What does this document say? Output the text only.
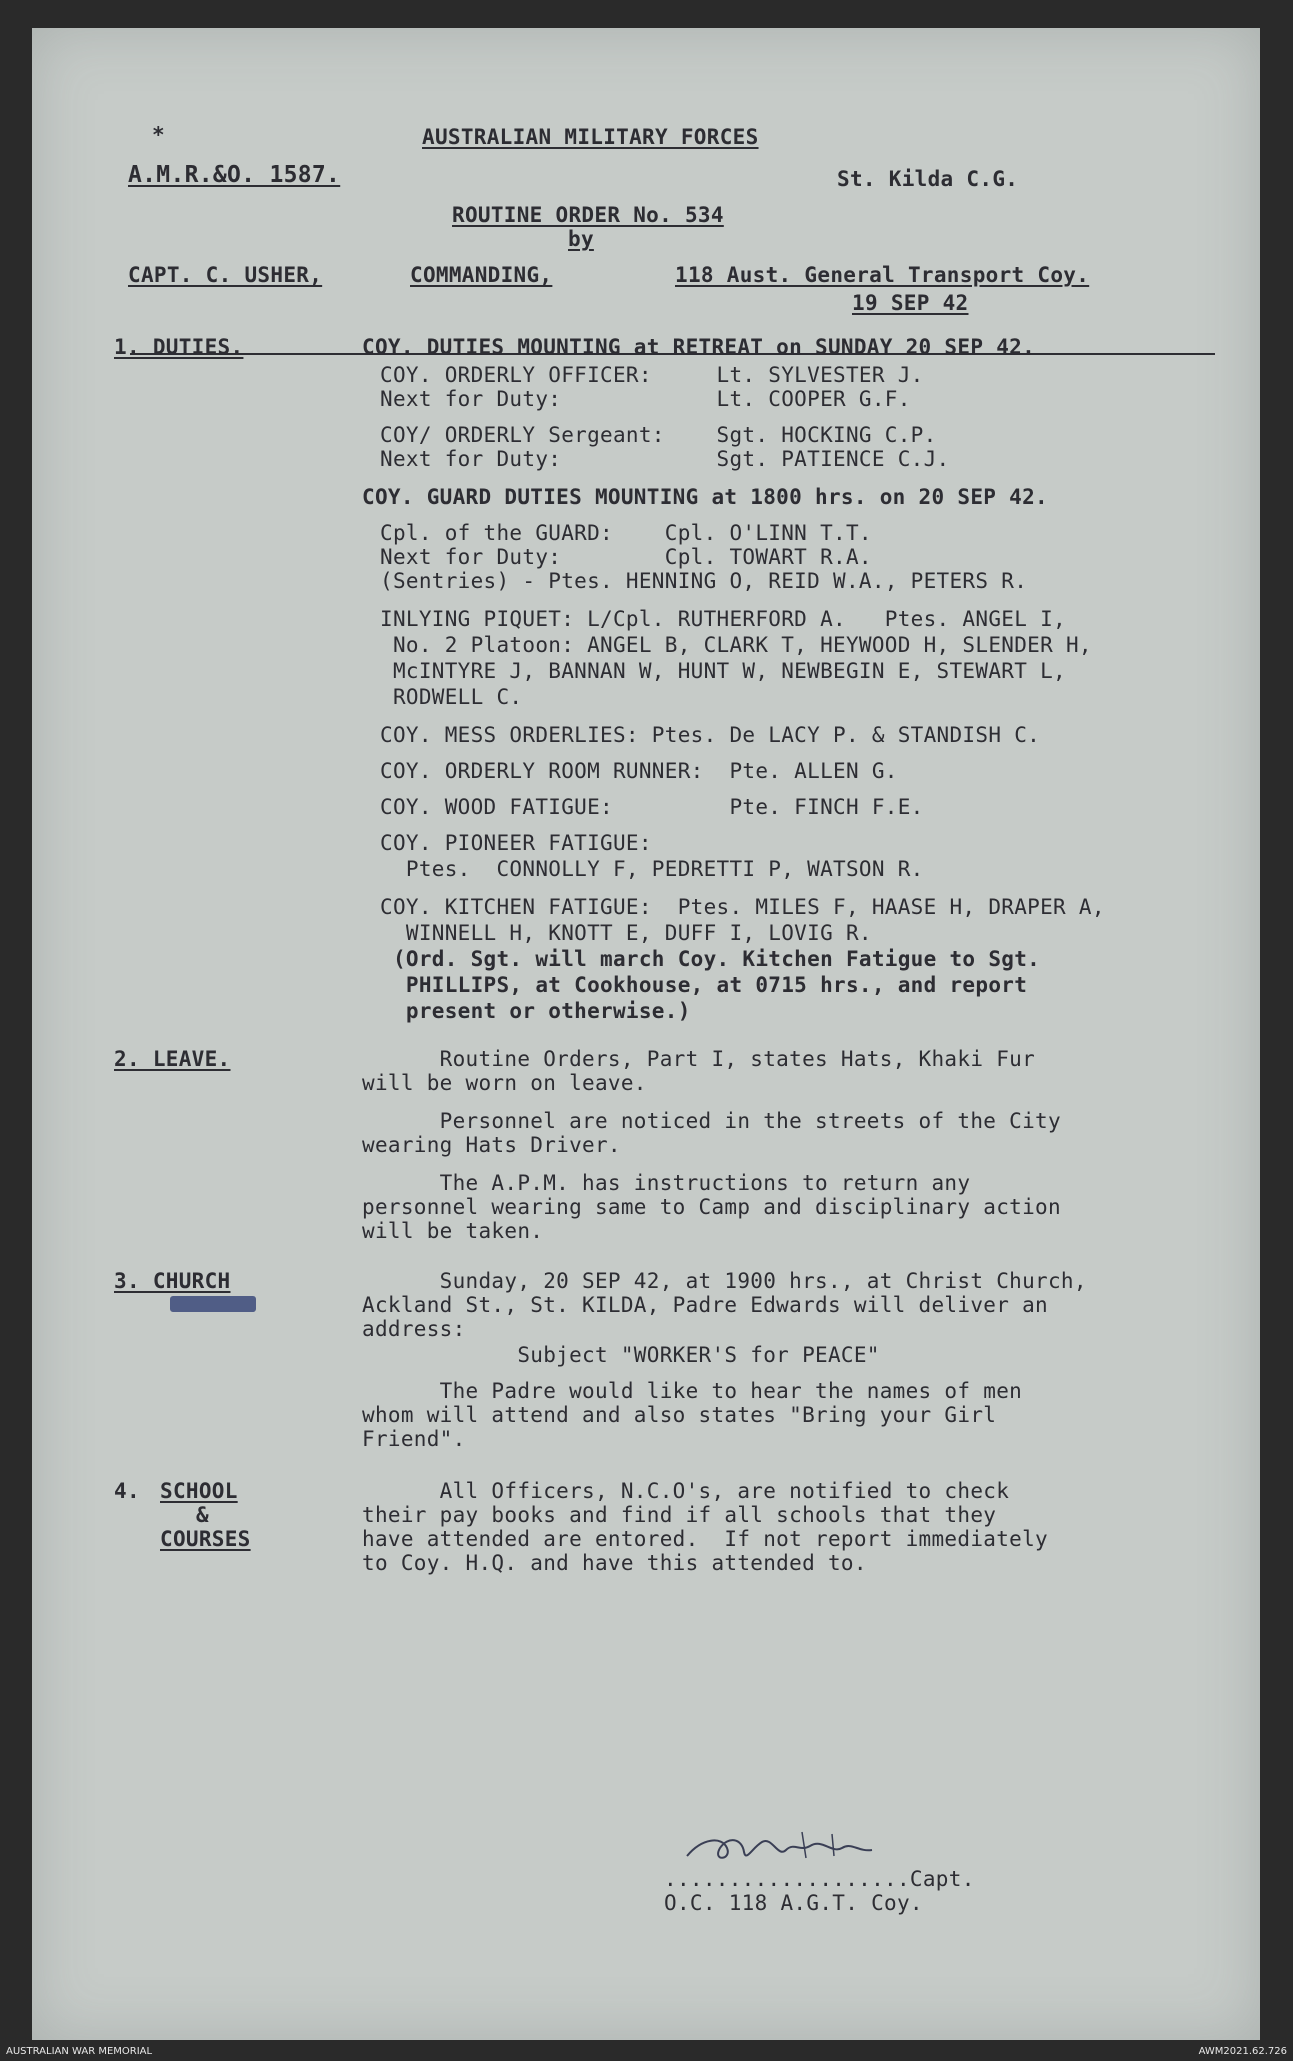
*	AUSTRALIAN MILITARY FORCES
A.M.R.&O. 1587.	St. Kilda C.G.
ROUTINE ORDER No. 534
by
CAPT. C. USHER,	COMMANDING,	118 Aust. General Transport Coy.
19 SEP 42
1. DUTIES.	COY. DUTIES MOUNTING at RETREAT on SUNDAY 20 SEP 42.
COY. ORDERLY OFFICER:     Lt. SYLVESTER J.
Next for Duty:            Lt. COOPER G.F.
COY/ ORDERLY Sergeant:    Sgt. HOCKING C.P.
Next for Duty:            Sgt. PATIENCE C.J.
COY. GUARD DUTIES MOUNTING at 1800 hrs. on 20 SEP 42.
Cpl. of the GUARD:    Cpl. O'LINN T.T.
Next for Duty:        Cpl. TOWART R.A.
(Sentries) - Ptes. HENNING O, REID W.A., PETERS R.
INLYING PIQUET: L/Cpl. RUTHERFORD A.   Ptes. ANGEL I,
No. 2 Platoon: ANGEL B, CLARK T, HEYWOOD H, SLENDER H,
McINTYRE J, BANNAN W, HUNT W, NEWBEGIN E, STEWART L,
RODWELL C.
COY. MESS ORDERLIES: Ptes. De LACY P. & STANDISH C.
COY. ORDERLY ROOM RUNNER:  Pte. ALLEN G.
COY. WOOD FATIGUE:         Pte. FINCH F.E.
COY. PIONEER FATIGUE:
Ptes.  CONNOLLY F, PEDRETTI P, WATSON R.
COY. KITCHEN FATIGUE:  Ptes. MILES F, HAASE H, DRAPER A,
WINNELL H, KNOTT E, DUFF I, LOVIG R.
(Ord. Sgt. will march Coy. Kitchen Fatigue to Sgt.
PHILLIPS, at Cookhouse, at 0715 hrs., and report
present or otherwise.)
2. LEAVE.	Routine Orders, Part I, states Hats, Khaki Fur
will be worn on leave.
Personnel are noticed in the streets of the City
wearing Hats Driver.
The A.P.M. has instructions to return any
personnel wearing same to Camp and disciplinary action
will be taken.
3. CHURCH	Sunday, 20 SEP 42, at 1900 hrs., at Christ Church,
Ackland St., St. KILDA, Padre Edwards will deliver an
address:
Subject "WORKER'S for PEACE"
The Padre would like to hear the names of men
whom will attend and also states "Bring your Girl
Friend".
4. SCHOOL
&
COURSES
All Officers, N.C.O's, are notified to check
their pay books and find if all schools that they
have attended are entored.  If not report immediately
to Coy. H.Q. and have this attended to.
...................Capt.
O.C. 118 A.G.T. Coy.
AUSTRALIAN WAR MEMORIAL	AWM2021.62.726
